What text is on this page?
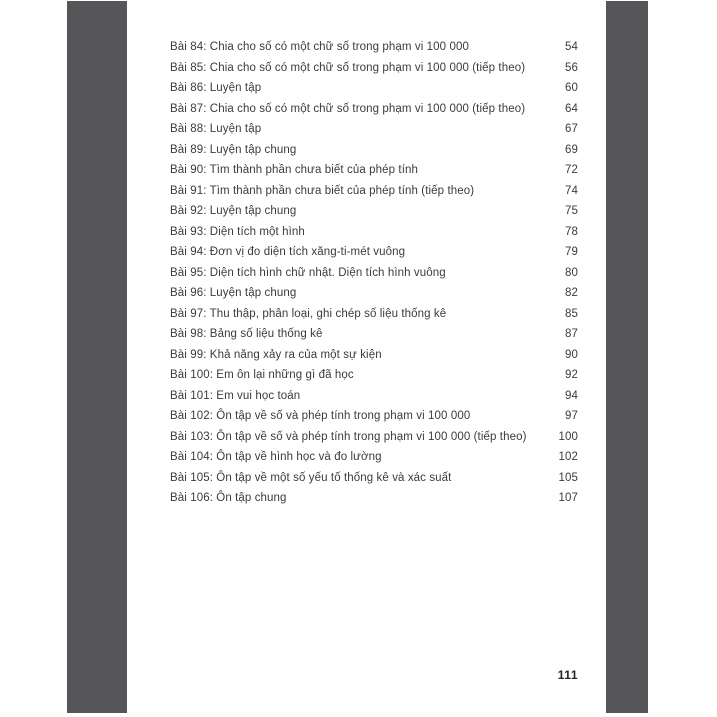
Bài 84: Chia cho số có một chữ số trong phạm vi 100 000	54
Bài 85: Chia cho số có một chữ số trong phạm vi 100 000 (tiếp theo)	56
Bài 86: Luyện tập	60
Bài 87: Chia cho số có một chữ số trong phạm vi 100 000 (tiếp theo)	64
Bài 88: Luyện tập	67
Bài 89: Luyện tập chung	69
Bài 90: Tìm thành phần chưa biết của phép tính	72
Bài 91: Tìm thành phần chưa biết của phép tính (tiếp theo)	74
Bài 92: Luyện tập chung	75
Bài 93: Diện tích một hình	78
Bài 94: Đơn vị đo diện tích xăng-ti-mét vuông	79
Bài 95: Diện tích hình chữ nhật. Diện tích hình vuông	80
Bài 96: Luyện tập chung	82
Bài 97: Thu thập, phân loại, ghi chép số liệu thống kê	85
Bài 98: Bảng số liệu thống kê	87
Bài 99: Khả năng xảy ra của một sự kiện	90
Bài 100: Em ôn lại những gì đã học	92
Bài 101: Em vui học toán	94
Bài 102: Ôn tập về số và phép tính trong phạm vi 100 000	97
Bài 103: Ôn tập về số và phép tính trong phạm vi 100 000 (tiếp theo)	100
Bài 104: Ôn tập về hình học và đo lường	102
Bài 105: Ôn tập về một số yếu tố thống kê và xác suất	105
Bài 106: Ôn tập chung	107
111
